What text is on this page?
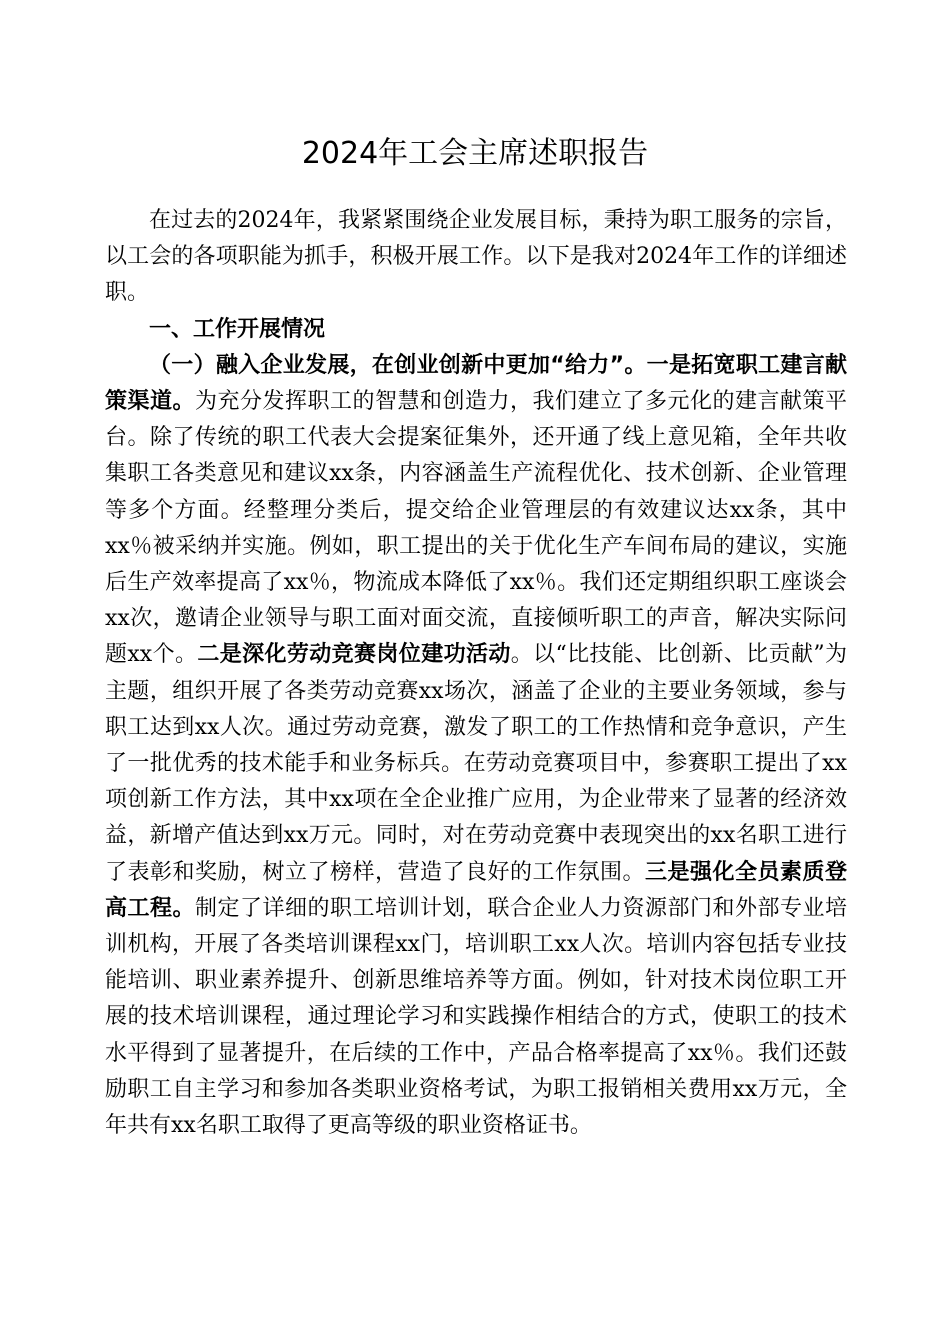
2024年工会主席述职报告

在过去的2024年，我紧紧围绕企业发展目标，秉持为职工服务的宗旨，以工会的各项职能为抓手，积极开展工作。以下是我对2024年工作的详细述职。

一、工作开展情况

（一）融入企业发展，在创业创新中更加“给力”。一是拓宽职工建言献策渠道。为充分发挥职工的智慧和创造力，我们建立了多元化的建言献策平台。除了传统的职工代表大会提案征集外，还开通了线上意见箱，全年共收集职工各类意见和建议xx条，内容涵盖生产流程优化、技术创新、企业管理等多个方面。经整理分类后，提交给企业管理层的有效建议达xx条，其中xx％被采纳并实施。例如，职工提出的关于优化生产车间布局的建议，实施后生产效率提高了xx％，物流成本降低了xx％。我们还定期组织职工座谈会xx次，邀请企业领导与职工面对面交流，直接倾听职工的声音，解决实际问题xx个。二是深化劳动竞赛岗位建功活动。以“比技能、比创新、比贡献”为主题，组织开展了各类劳动竞赛xx场次，涵盖了企业的主要业务领域，参与职工达到xx人次。通过劳动竞赛，激发了职工的工作热情和竞争意识，产生了一批优秀的技术能手和业务标兵。在劳动竞赛项目中，参赛职工提出了xx项创新工作方法，其中xx项在全企业推广应用，为企业带来了显著的经济效益，新增产值达到xx万元。同时，对在劳动竞赛中表现突出的xx名职工进行了表彰和奖励，树立了榜样，营造了良好的工作氛围。三是强化全员素质登高工程。制定了详细的职工培训计划，联合企业人力资源部门和外部专业培训机构，开展了各类培训课程xx门，培训职工xx人次。培训内容包括专业技能培训、职业素养提升、创新思维培养等方面。例如，针对技术岗位职工开展的技术培训课程，通过理论学习和实践操作相结合的方式，使职工的技术水平得到了显著提升，在后续的工作中，产品合格率提高了xx％。我们还鼓励职工自主学习和参加各类职业资格考试，为职工报销相关费用xx万元，全年共有xx名职工取得了更高等级的职业资格证书。
